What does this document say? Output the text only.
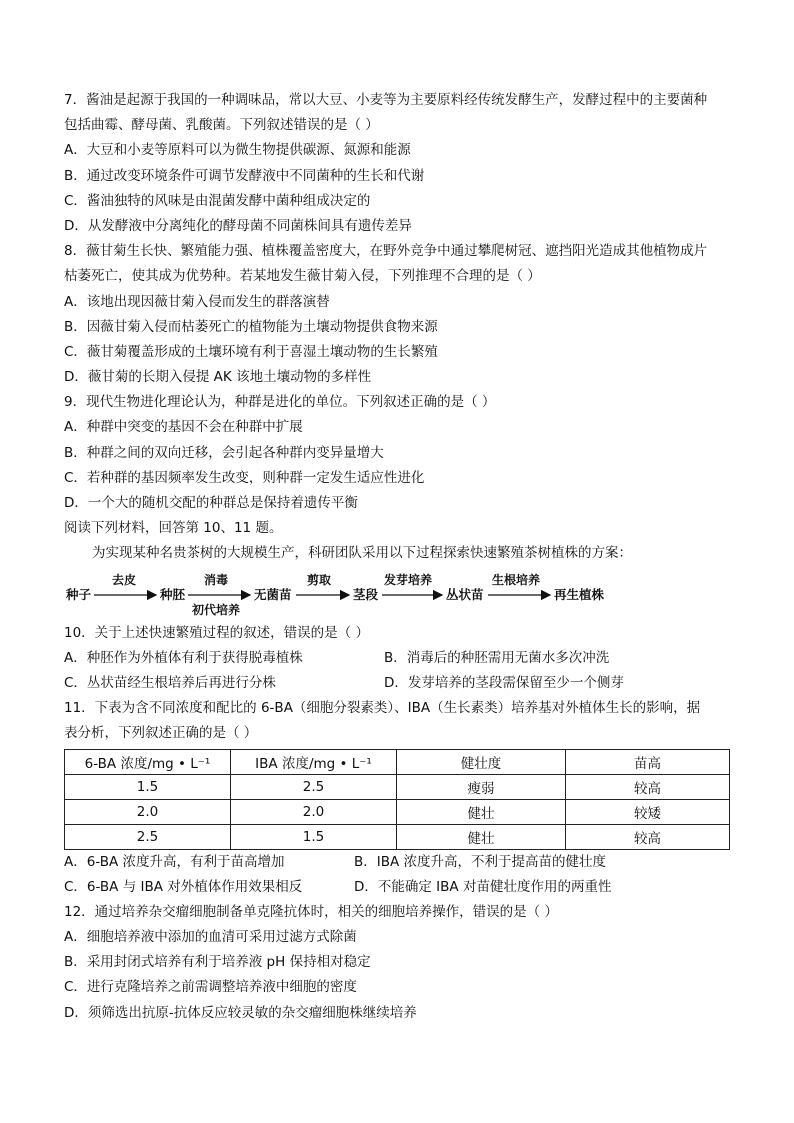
7．酱油是起源于我国的一种调味品，常以大豆、小麦等为主要原料经传统发酵生产，发酵过程中的主要菌种
包括曲霉、酵母菌、乳酸菌。下列叙述错误的是（ ）
A．大豆和小麦等原料可以为微生物提供碳源、氮源和能源
B．通过改变环境条件可调节发酵液中不同菌种的生长和代谢
C．酱油独特的风味是由混菌发酵中菌种组成决定的
D．从发酵液中分离纯化的酵母菌不同菌株间具有遗传差异
8．薇甘菊生长快、繁殖能力强、植株覆盖密度大，在野外竞争中通过攀爬树冠、遮挡阳光造成其他植物成片
枯萎死亡，使其成为优势种。若某地发生薇甘菊入侵，下列推理不合理的是（ ）
A．该地出现因薇甘菊入侵而发生的群落演替
B．因薇甘菊入侵而枯萎死亡的植物能为土壤动物提供食物来源
C．薇甘菊覆盖形成的土壤环境有利于喜湿土壤动物的生长繁殖
D．薇甘菊的长期入侵提 AK 该地土壤动物的多样性
9．现代生物进化理论认为，种群是进化的单位。下列叙述正确的是（ ）
A．种群中突变的基因不会在种群中扩展
B．种群之间的双向迁移，会引起各种群内变异量增大
C．若种群的基因频率发生改变，则种群一定发生适应性进化
D．一个大的随机交配的种群总是保持着遗传平衡
阅读下列材料，回答第 10、11 题。
为实现某种名贵茶树的大规模生产，科研团队采用以下过程探索快速繁殖茶树植株的方案：
种子	种胚	无菌苗	茎段	丛状苗	再生植株
去皮	消毒
初代培养
剪取	发芽培养	生根培养
10．关于上述快速繁殖过程的叙述，错误的是（ ）
A．种胚作为外植体有利于获得脱毒植株	B．消毒后的种胚需用无菌水多次冲洗
C．丛状苗经生根培养后再进行分株	D．发芽培养的茎段需保留至少一个侧芽
11．下表为含不同浓度和配比的 6-BA（细胞分裂素类）、IBA（生长素类）培养基对外植体生长的影响，据
表分析，下列叙述正确的是（ ）
6-BA 浓度/mg • L⁻¹	IBA 浓度/mg • L⁻¹	健壮度	苗高
1.5	2.5	瘦弱	较高
2.0	2.0	健壮	较矮
2.5	1.5	健壮	较高
A．6-BA 浓度升高，有利于苗高增加	B．IBA 浓度升高，不利于提高苗的健壮度
C．6-BA 与 IBA 对外植体作用效果相反	D．不能确定 IBA 对苗健壮度作用的两重性
12．通过培养杂交瘤细胞制备单克隆抗体时，相关的细胞培养操作，错误的是（ ）
A．细胞培养液中添加的血清可采用过滤方式除菌
B．采用封闭式培养有利于培养液 pH 保持相对稳定
C．进行克隆培养之前需调整培养液中细胞的密度
D．须筛选出抗原-抗体反应较灵敏的杂交瘤细胞株继续培养
